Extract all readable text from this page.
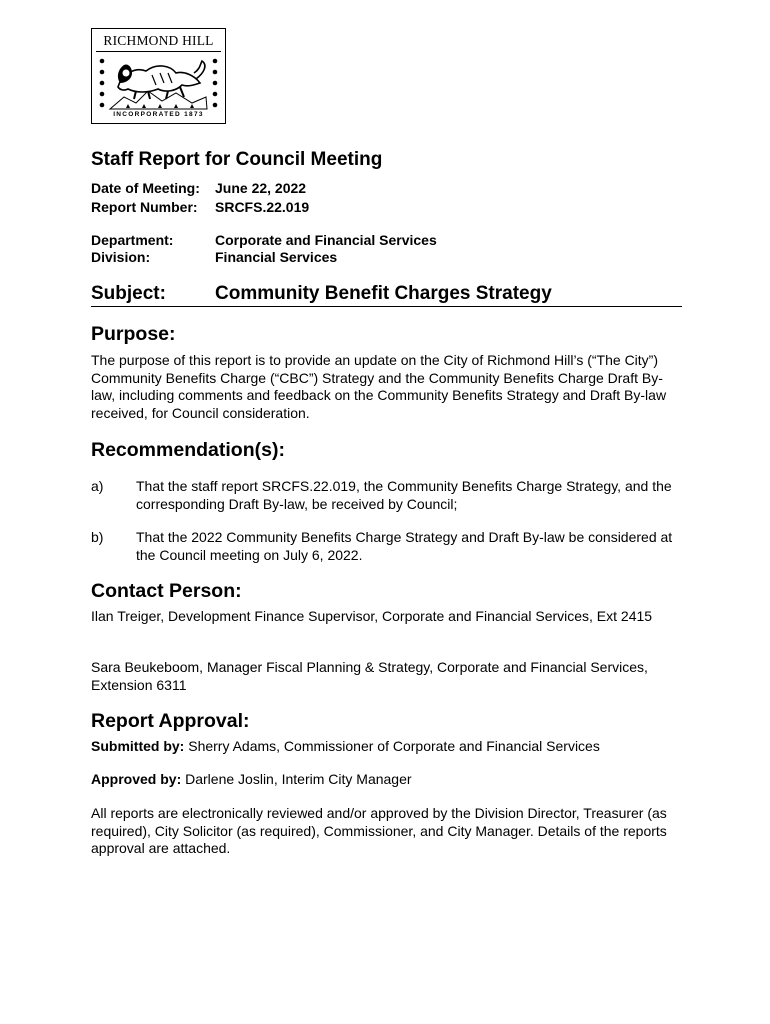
RICHMOND HILL
INCORPORATED 1873
Staff Report for Council Meeting
Date of Meeting: June 22, 2022
Report Number: SRCFS.22.019
Department:	Corporate and Financial Services
Division:	Financial Services
Subject:	Community Benefit Charges Strategy
Purpose:
The purpose of this report is to provide an update on the City of Richmond Hill’s (“The City”) Community Benefits Charge (“CBC”) Strategy and the Community Benefits Charge Draft By-law, including comments and feedback on the Community Benefits Strategy and Draft By-law received, for Council consideration.
Recommendation(s):
a) That the staff report SRCFS.22.019, the Community Benefits Charge Strategy, and the corresponding Draft By-law, be received by Council;
b) That the 2022 Community Benefits Charge Strategy and Draft By-law be considered at the Council meeting on July 6, 2022.
Contact Person:
Ilan Treiger, Development Finance Supervisor, Corporate and Financial Services, Ext 2415
Sara Beukeboom, Manager Fiscal Planning & Strategy, Corporate and Financial Services, Extension 6311
Report Approval:
Submitted by: Sherry Adams, Commissioner of Corporate and Financial Services
Approved by: Darlene Joslin, Interim City Manager
All reports are electronically reviewed and/or approved by the Division Director, Treasurer (as required), City Solicitor (as required), Commissioner, and City Manager. Details of the reports approval are attached.
